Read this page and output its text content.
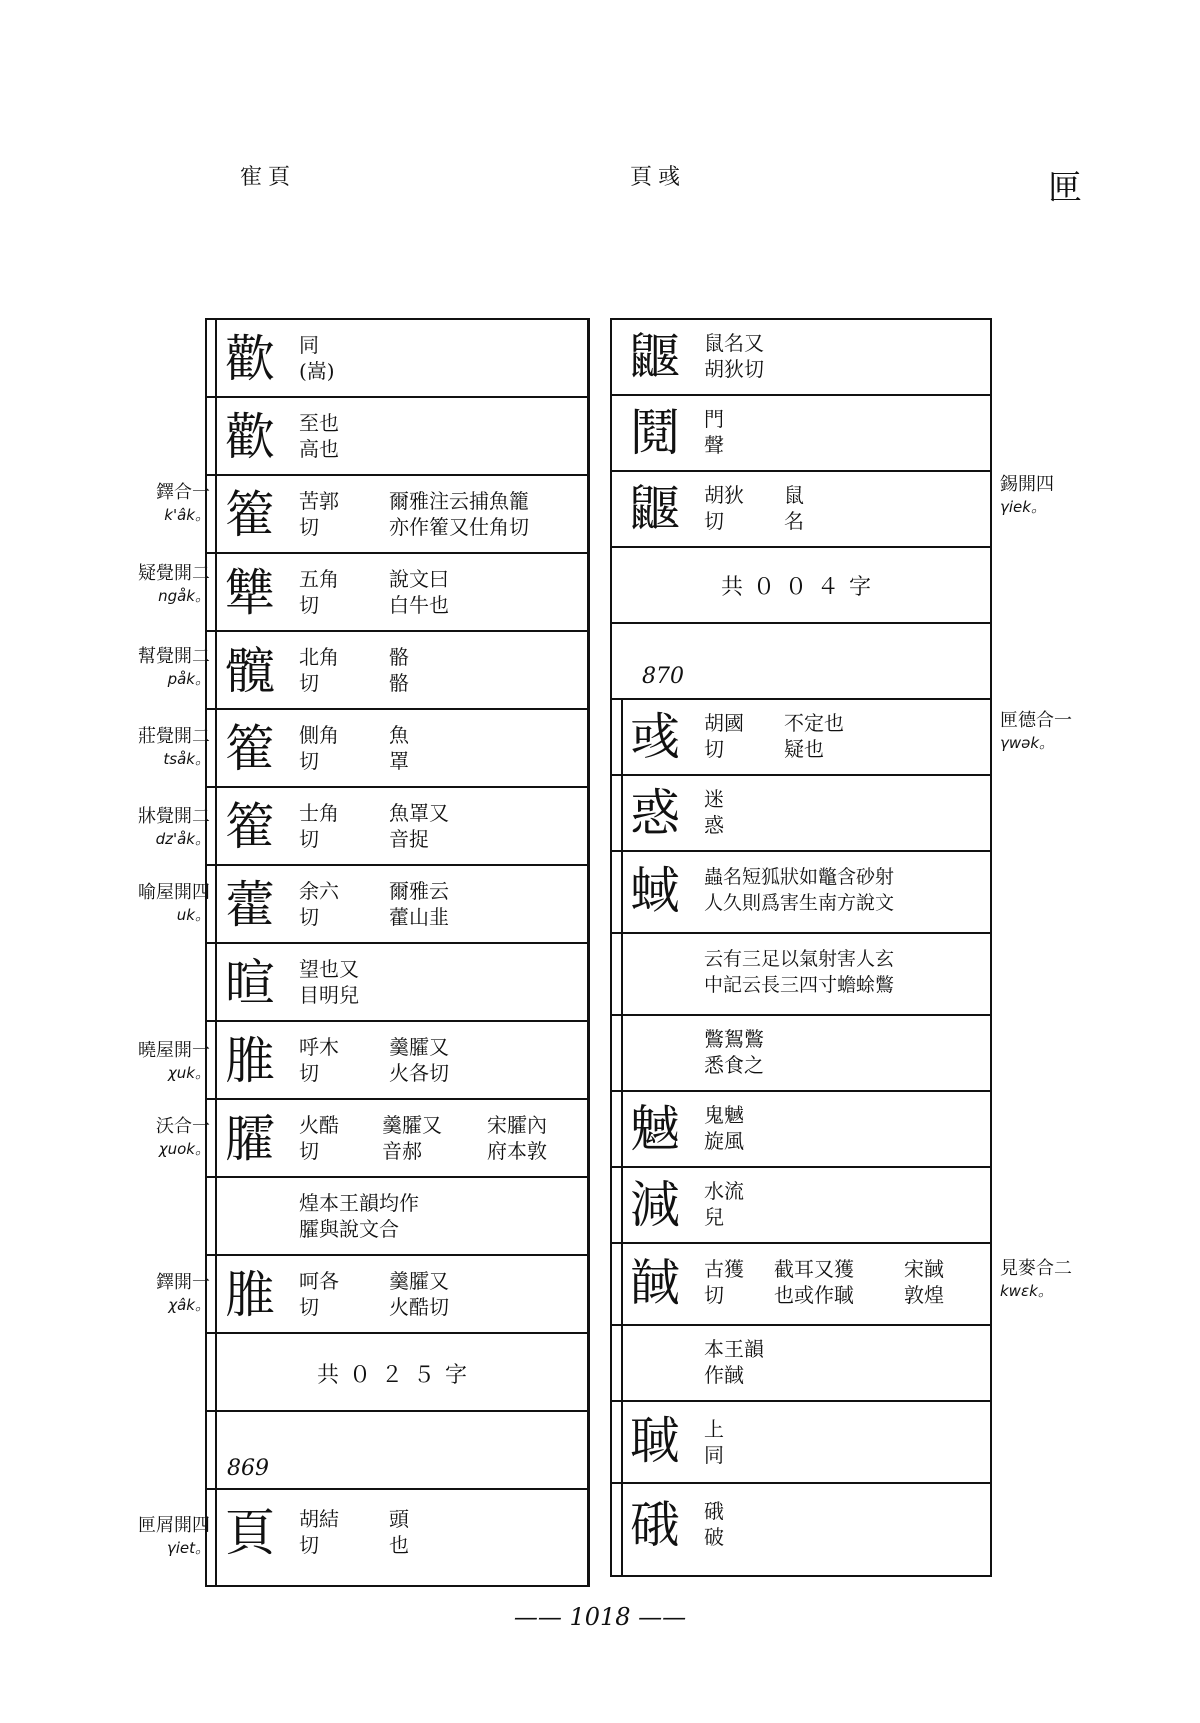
寉頁	頁彧	匣
歡 同
(嵩)
歡 至也
高也
篧 苦郭
切
爾雅注云捕魚籠
亦作篧又仕角切
犨 五角
切
說文曰
白牛也
髖 北角
切
骼
骼
篧 側角
切
魚
罩
篧 士角
切
魚罩又
音捉
藿 余六
切
爾雅云
藿山韭
暄 望也又
目明兒
脽 呼木
切
羹臛又
火各切
臛 火酷
切
羹臛又
音郝
宋臛內
府本敦
煌本王韻均作
臛與說文合
脽 呵各
切
羹臛又
火酷切
共０２５字
869
頁 胡結
切
頭
也
鼴 鼠名又
胡狄切
鬩 門
聲
鼴 胡狄
切
鼠
名
共００４字
870
彧 胡國
切
不定也
疑也
惑 迷
惑
蜮 蟲名短狐狀如鼈含砂射
人久則爲害生南方說文
云有三足以氣射害人玄
中記云長三四寸蟾蜍鷩
鷩鴽鷩
悉食之
魊 鬼魊
旋風
減 水流
兒
馘 古獲
切
截耳又獲
也或作聝
宋馘
敦煌
本王韻
作馘
聝 上
同
硪 硪
破
鐸合一
k'âk。
疑覺開二
ngåk。
幫覺開二
påk。
莊覺開二
tsåk。
牀覺開二
dz'åk。
喻屋開四
uk。
曉屋開一
χuk。
沃合一
χuok。
鐸開一
χâk。
匣屑開四
γiet。
錫開四
γiek。
匣德合一
γwək。
見麥合二
kwɛk。
—— 1018 ——
